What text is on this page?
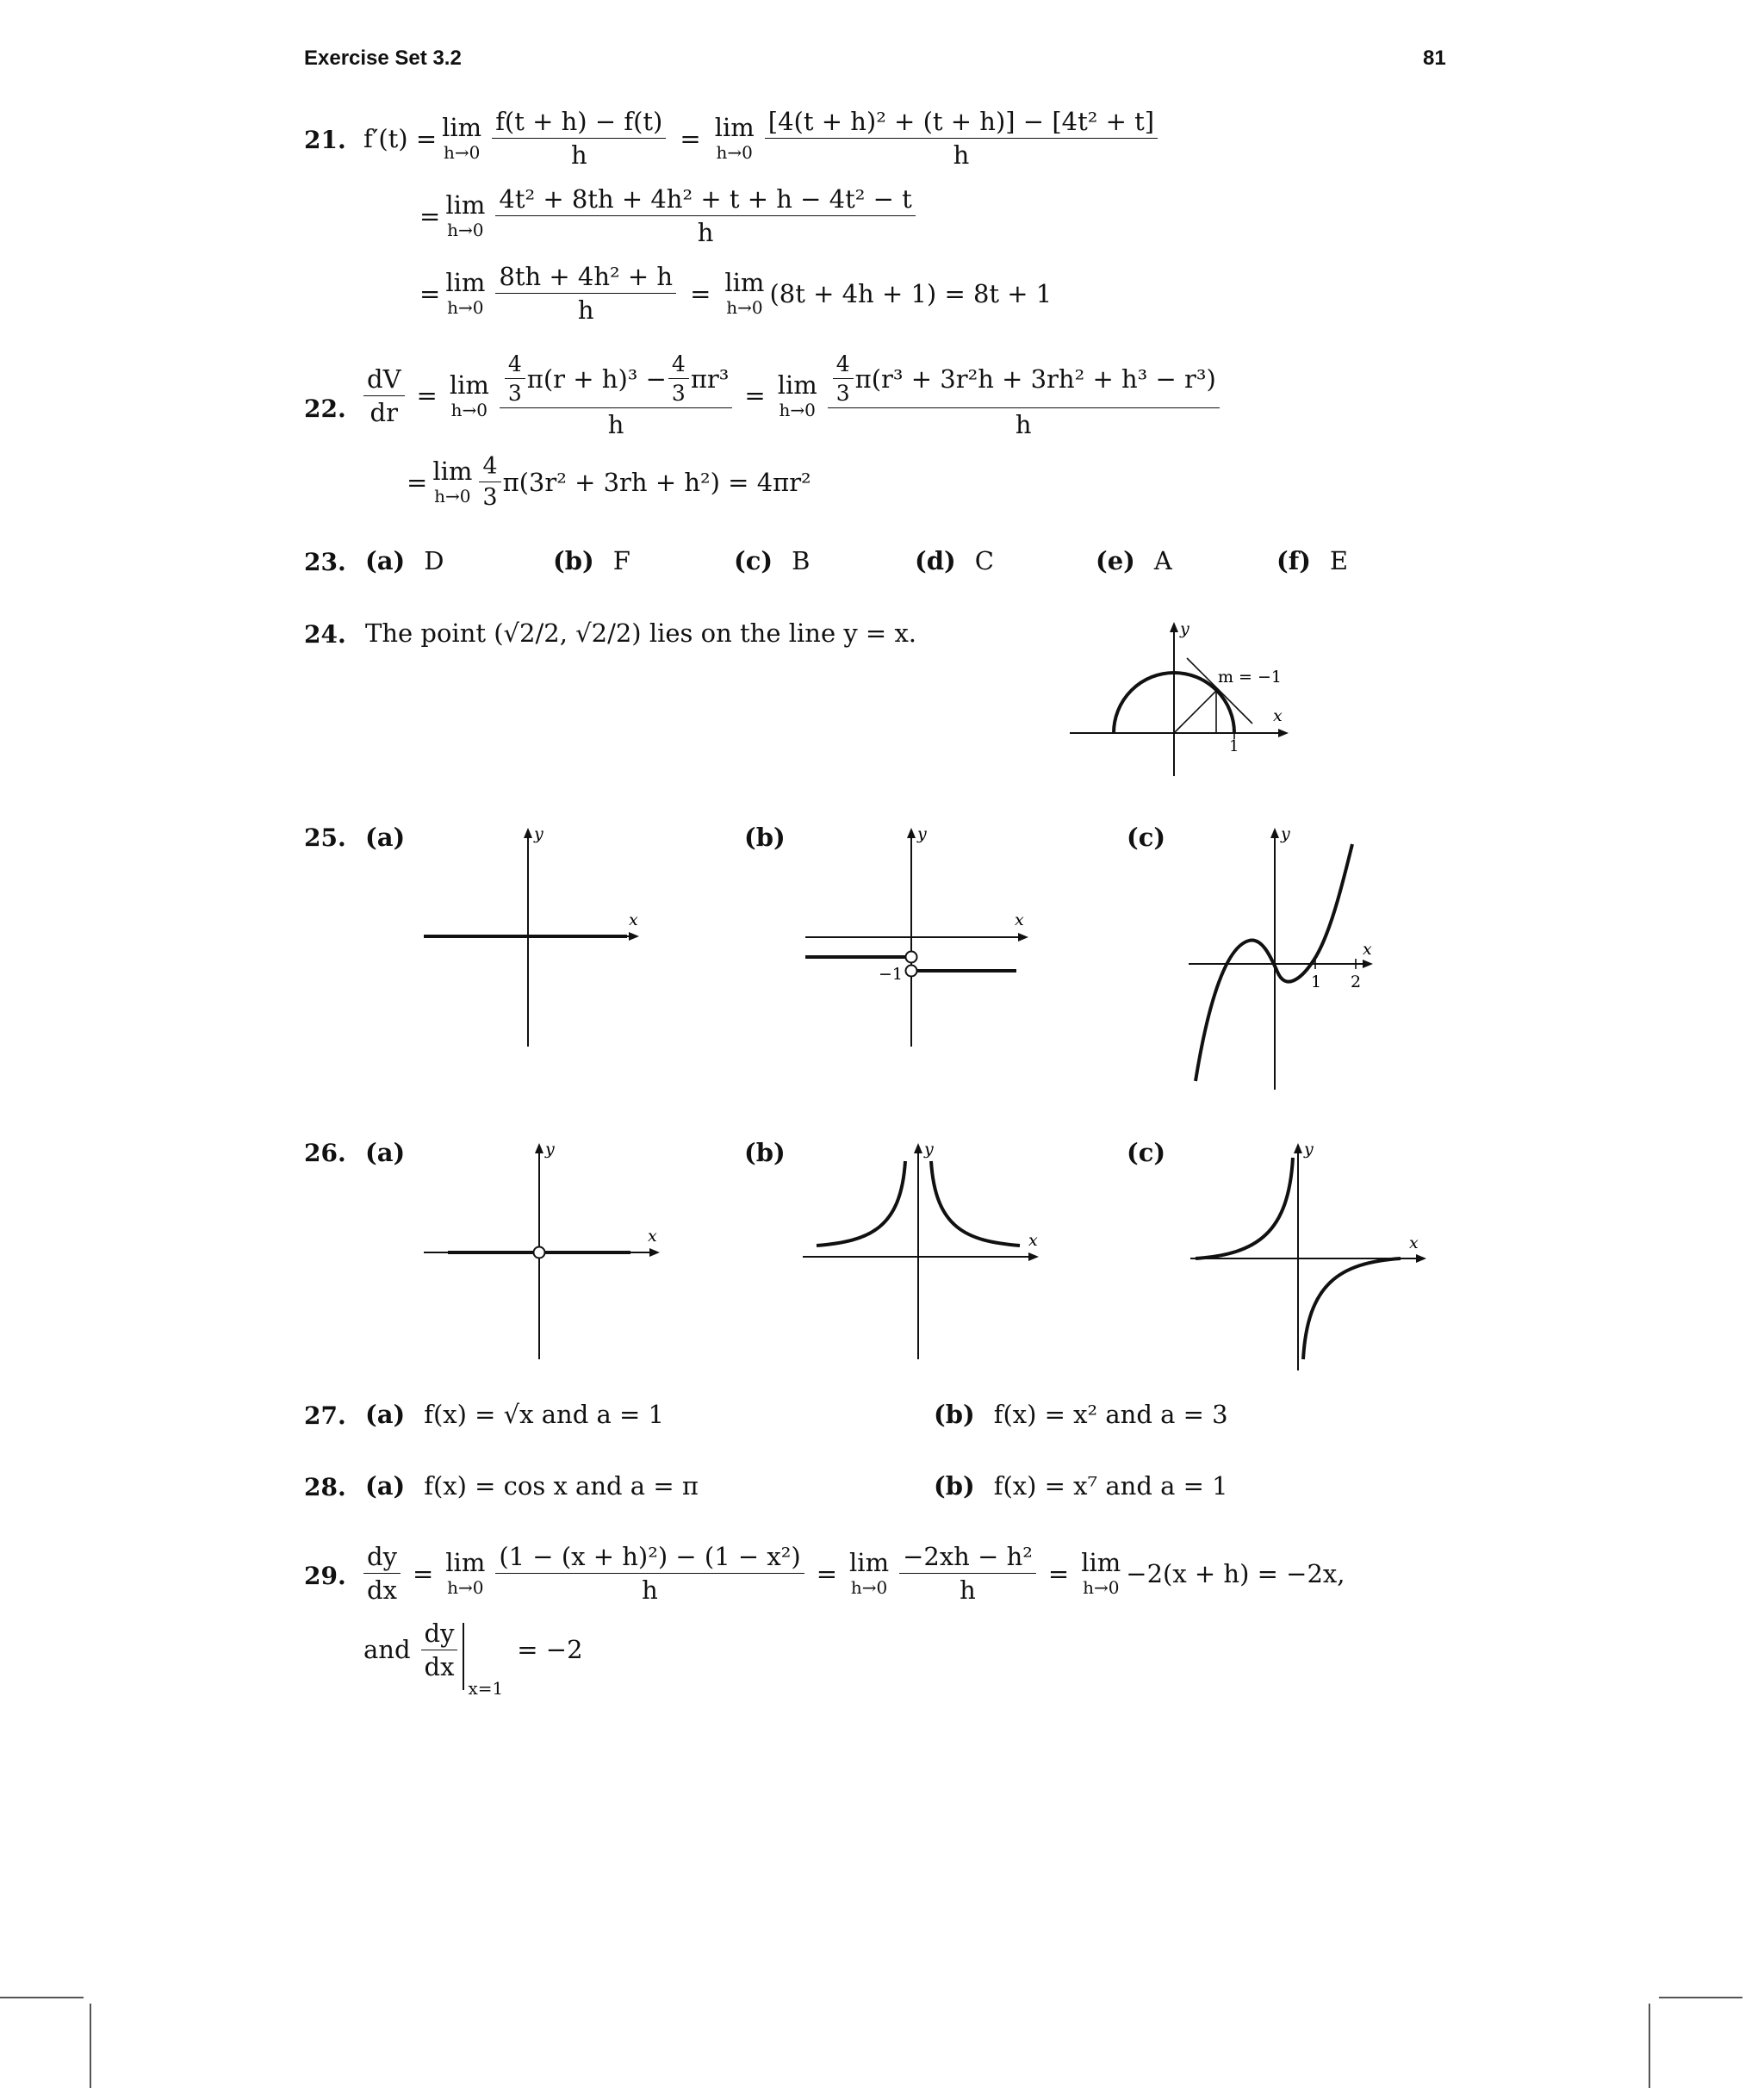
Exercise Set 3.2	81
21. f′(t) = lim
$h\to 0 \frac{f(t + h) - f(t)}{h} = \lim$
$h\to 0 \frac{\text{[4(t + h)² + (t + h)] − [4t² + t]}}{h}$
= lim
$h\to 0 \frac{\text{4t² + 8th + 4h² + t + h − 4t² − t}}{h}$
= lim
$h\to 0 \frac{\text{8th + 4h² + h}}{h} = \lim$
h→0 (8t + 4h + 1) = 8t + 1
22. $\frac{dV}{dr} = \lim$
$h\to 0 \frac{\frac{4}{3} \pi(r + h)^3 - \frac{4}{3} \pi r^3}{h} = \lim$
$h\to 0 \frac{\frac{4}{3} \pi(r^3 + 3r^2h + 3rh^2 + h^3 - r^3)}{h}$
= lim
$h\to 0 \frac{4}{3} \pi(3r^2 + 3rh + h^2) = 4\pi r^2$
23. (a) D	(b) F	(c) B	(d) C	(e) A	(f) E
24. The point (√2/2, √2/2) lies on the line y = x.	y
x
m = −1
1
25. (a)	(b)	(c)
y
x
y
x
−1
y
x
1 2
26. (a)	(b)	(c)
y
x
y
x
y
x
27. (a) f(x) = √x and a = 1	(b) f(x) = x² and a = 3
28. (a) f(x) = cos x and a = π	(b) f(x) = x⁷ and a = 1
29. $\frac{dy}{dx} = \lim$
$h\to 0 \frac{\text{(1 − (x + h)²) − (1 − x²)}}{h} = \lim$
$h\to 0 \frac{\text{−2xh − h²}}{h} = \lim$
h→0 −2(x + h) = −2x,
and $\frac{dy}{dx}$
x=1
= −2
